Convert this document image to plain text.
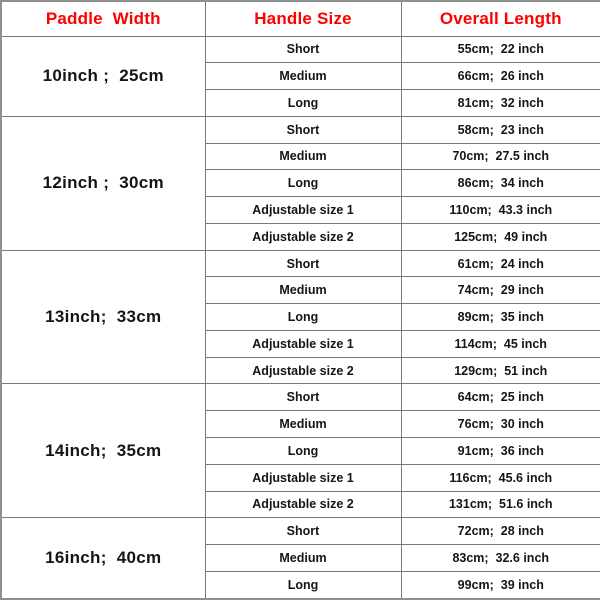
Paddle  Width	Handle Size	Overall Length
10inch ;  25cm	Short	55cm;  22 inch
	Medium	66cm;  26 inch
	Long	81cm;  32 inch
12inch ;  30cm	Short	58cm;  23 inch
	Medium	70cm;  27.5 inch
	Long	86cm;  34 inch
	Adjustable size 1	110cm;  43.3 inch
	Adjustable size 2	125cm;  49 inch
13inch;  33cm	Short	61cm;  24 inch
	Medium	74cm;  29 inch
	Long	89cm;  35 inch
	Adjustable size 1	114cm;  45 inch
	Adjustable size 2	129cm;  51 inch
14inch;  35cm	Short	64cm;  25 inch
	Medium	76cm;  30 inch
	Long	91cm;  36 inch
	Adjustable size 1	116cm;  45.6 inch
	Adjustable size 2	131cm;  51.6 inch
16inch;  40cm	Short	72cm;  28 inch
	Medium	83cm;  32.6 inch
	Long	99cm;  39 inch
